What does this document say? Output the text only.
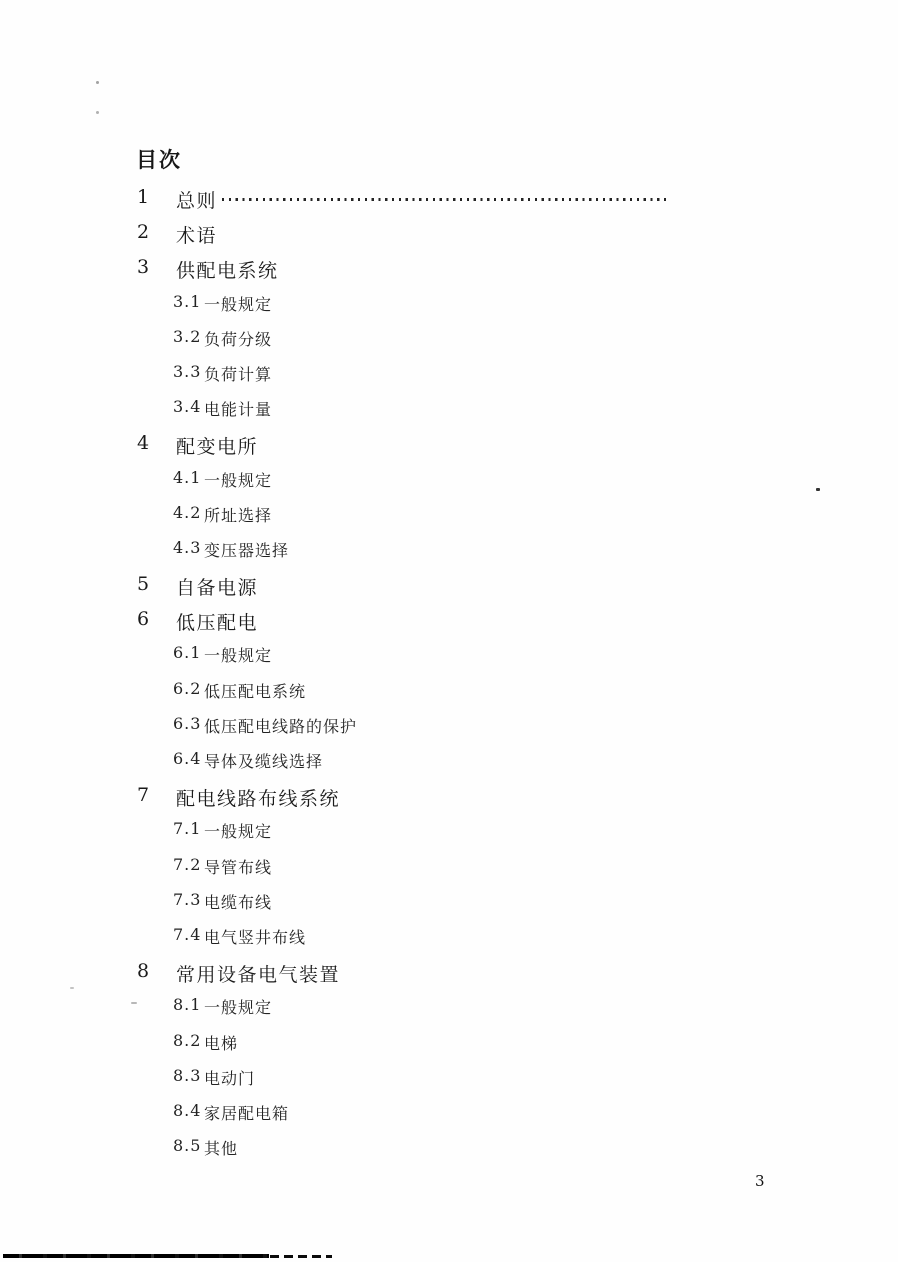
目次
1	总则
2	术语
3	供配电系统
3.1 一般规定
3.2 负荷分级
3.3 负荷计算
3.4 电能计量
4	配变电所
4.1 一般规定
4.2 所址选择
4.3 变压器选择
5	自备电源
6	低压配电
6.1 一般规定
6.2 低压配电系统
6.3 低压配电线路的保护
6.4 导体及缆线选择
7	配电线路布线系统
7.1 一般规定
7.2 导管布线
7.3 电缆布线
7.4 电气竖井布线
8	常用设备电气装置
8.1 一般规定
8.2 电梯
8.3 电动门
8.4 家居配电箱
8.5 其他
3
